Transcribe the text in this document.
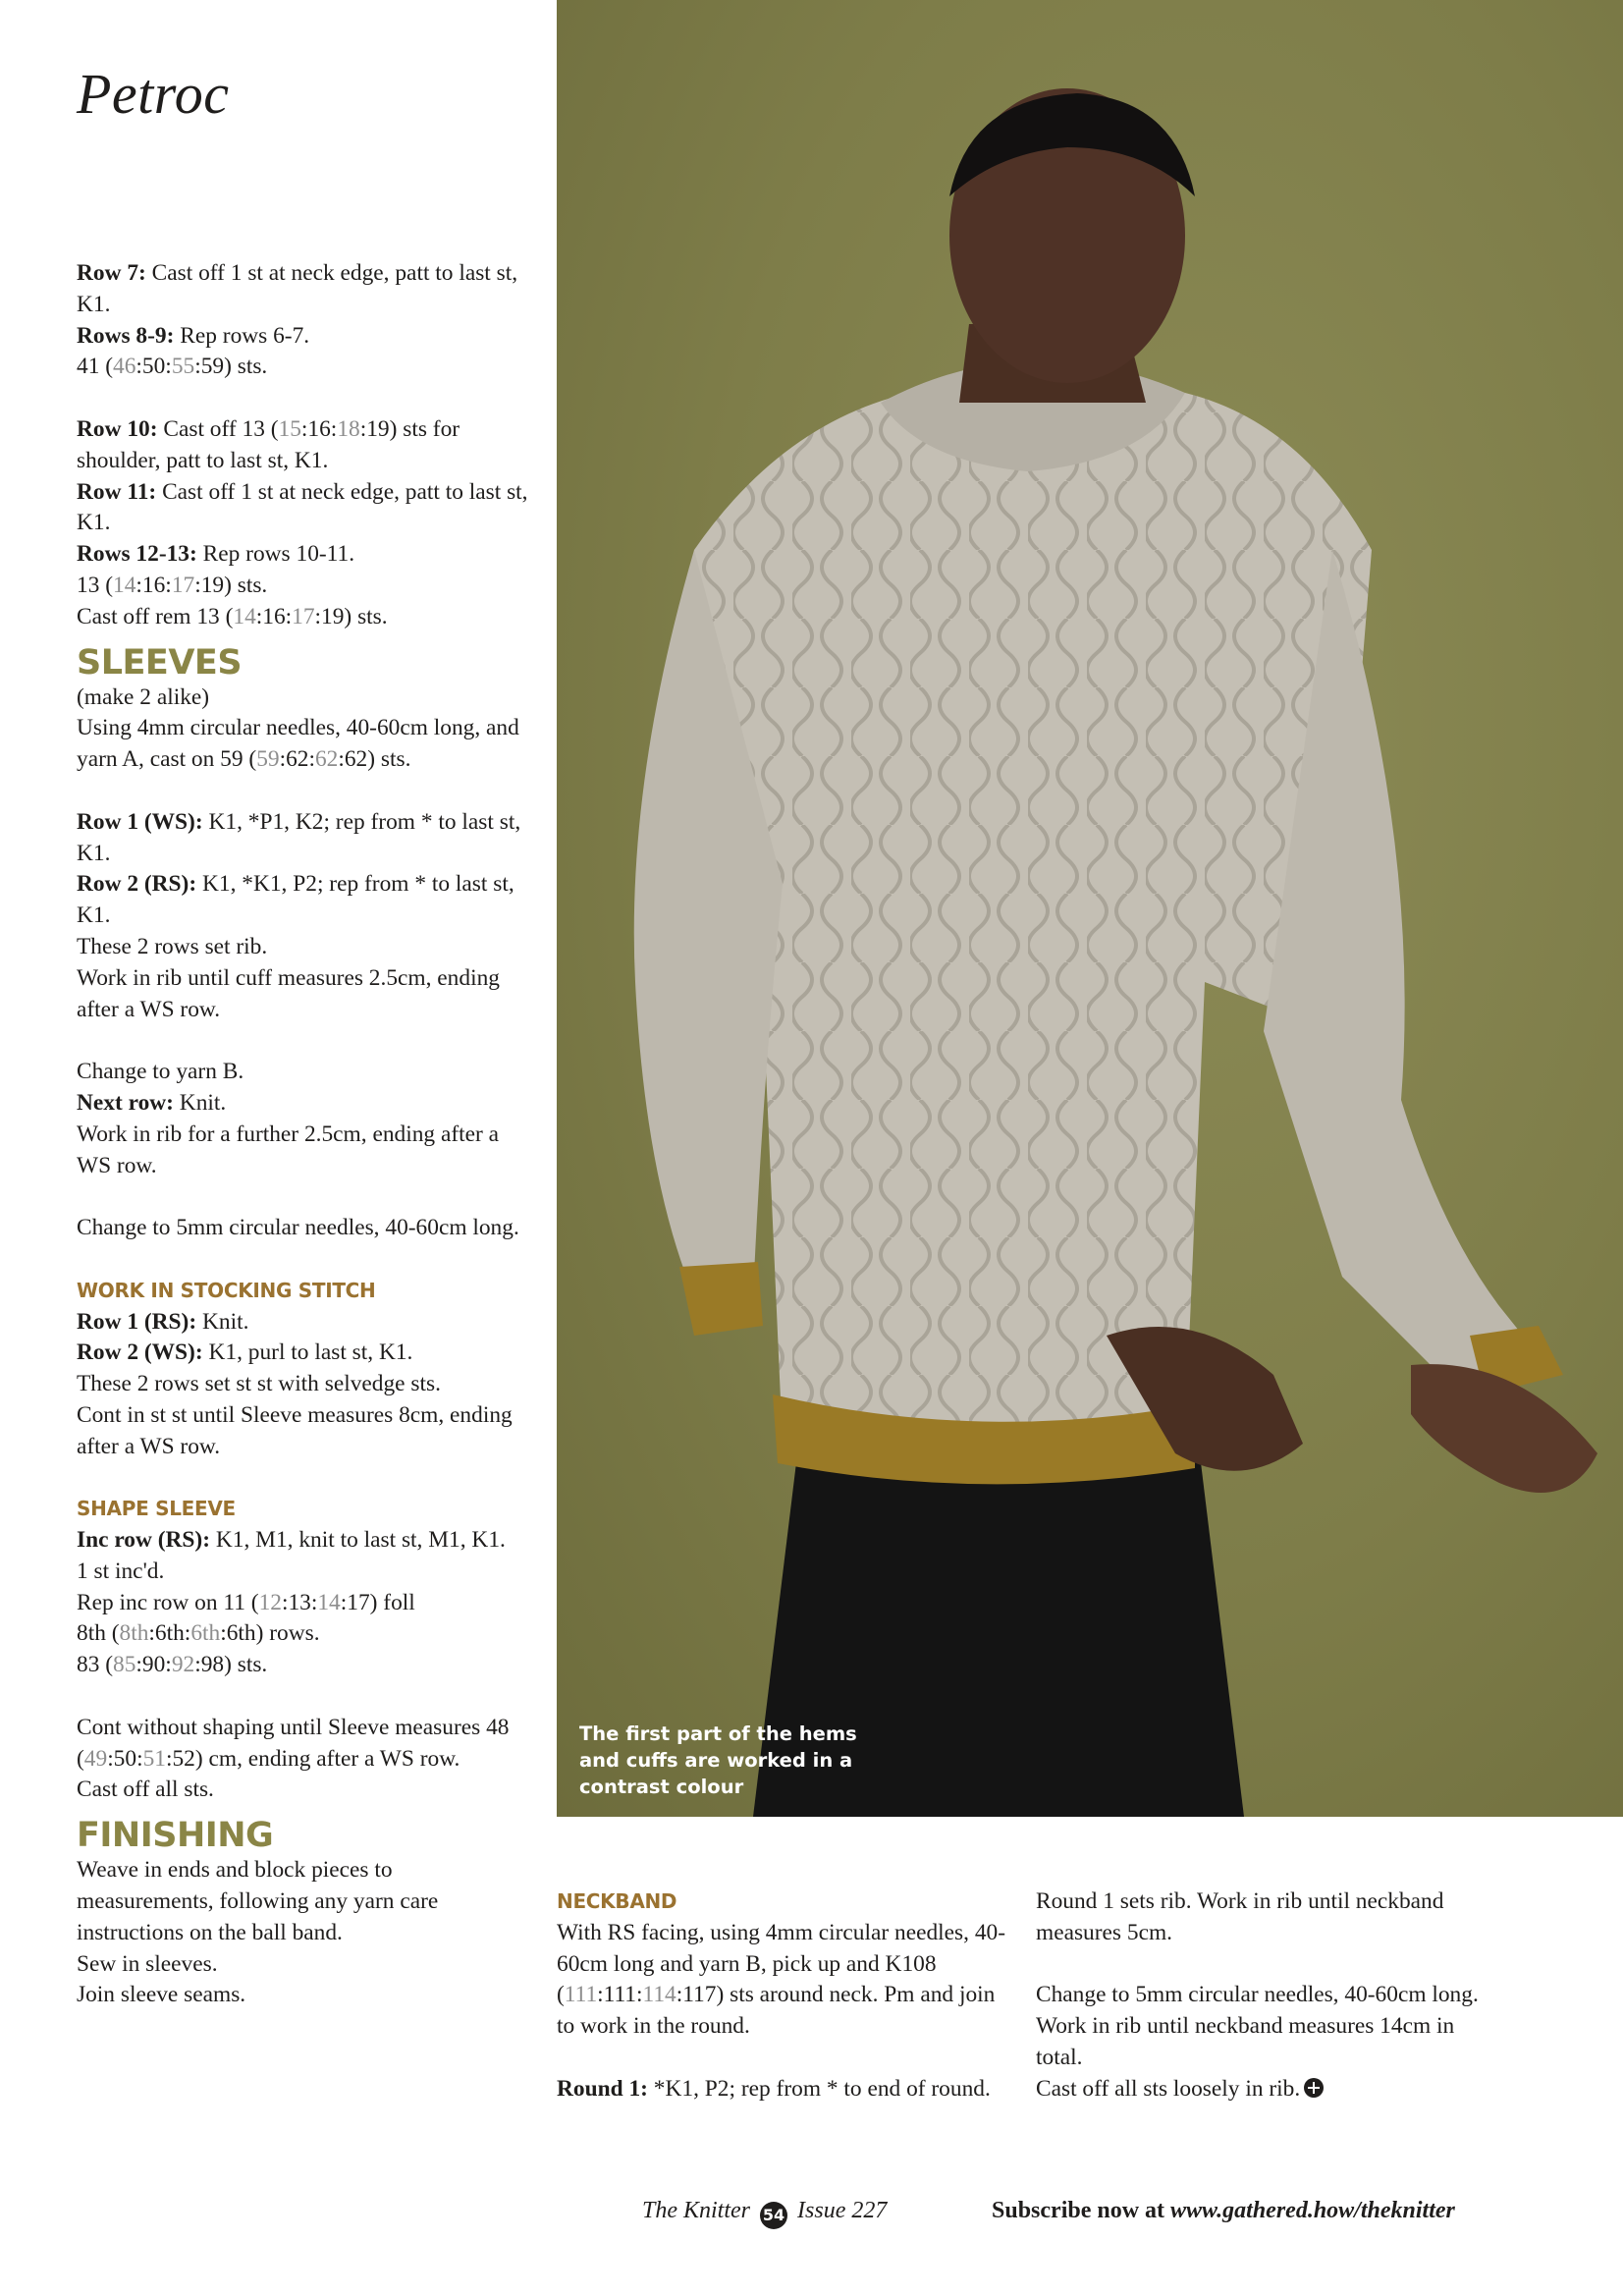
Petroc

Row 7: Cast off 1 st at neck edge, patt to last st, K1.

Rows 8-9: Rep rows 6-7.

41 (46:50:55:59) sts.

Row 10: Cast off 13 (15:16:18:19) sts for shoulder, patt to last st, K1.

Row 11: Cast off 1 st at neck edge, patt to last st, K1.

Rows 12-13: Rep rows 10-11.

13 (14:16:17:19) sts.

Cast off rem 13 (14:16:17:19) sts.

SLEEVES

(make 2 alike)

Using 4mm circular needles, 40-60cm long, and yarn A, cast on 59 (59:62:62:62) sts.

Row 1 (WS): K1, *P1, K2; rep from * to last st, K1.

Row 2 (RS): K1, *K1, P2; rep from * to last st, K1.

These 2 rows set rib.

Work in rib until cuff measures 2.5cm, ending after a WS row.

Change to yarn B.

Next row: Knit.

Work in rib for a further 2.5cm, ending after a WS row.

Change to 5mm circular needles, 40-60cm long.

WORK IN STOCKING STITCH

Row 1 (RS): Knit.

Row 2 (WS): K1, purl to last st, K1.

These 2 rows set st st with selvedge sts.

Cont in st st until Sleeve measures 8cm, ending after a WS row.

SHAPE SLEEVE

Inc row (RS): K1, M1, knit to last st, M1, K1.

1 st inc'd.

Rep inc row on 11 (12:13:14:17) foll

8th (8th:6th:6th:6th) rows.

83 (85:90:92:98) sts.

Cont without shaping until Sleeve measures 48 (49:50:51:52) cm, ending after a WS row.

Cast off all sts.

FINISHING

Weave in ends and block pieces to measurements, following any yarn care instructions on the ball band.

Sew in sleeves.

Join sleeve seams.

The first part of the hems and cuffs are worked in a contrast colour
NECKBAND

With RS facing, using 4mm circular needles, 40-60cm long and yarn B, pick up and K108 (111:111:114:117) sts around neck. Pm and join to work in the round.

Round 1: *K1, P2; rep from * to end of round.

Round 1 sets rib. Work in rib until neckband measures 5cm.

Change to 5mm circular needles, 40-60cm long.

Work in rib until neckband measures 14cm in total.

Cast off all sts loosely in rib.

The Knitter 54 Issue 227	Subscribe now at www.gathered.how/theknitter
